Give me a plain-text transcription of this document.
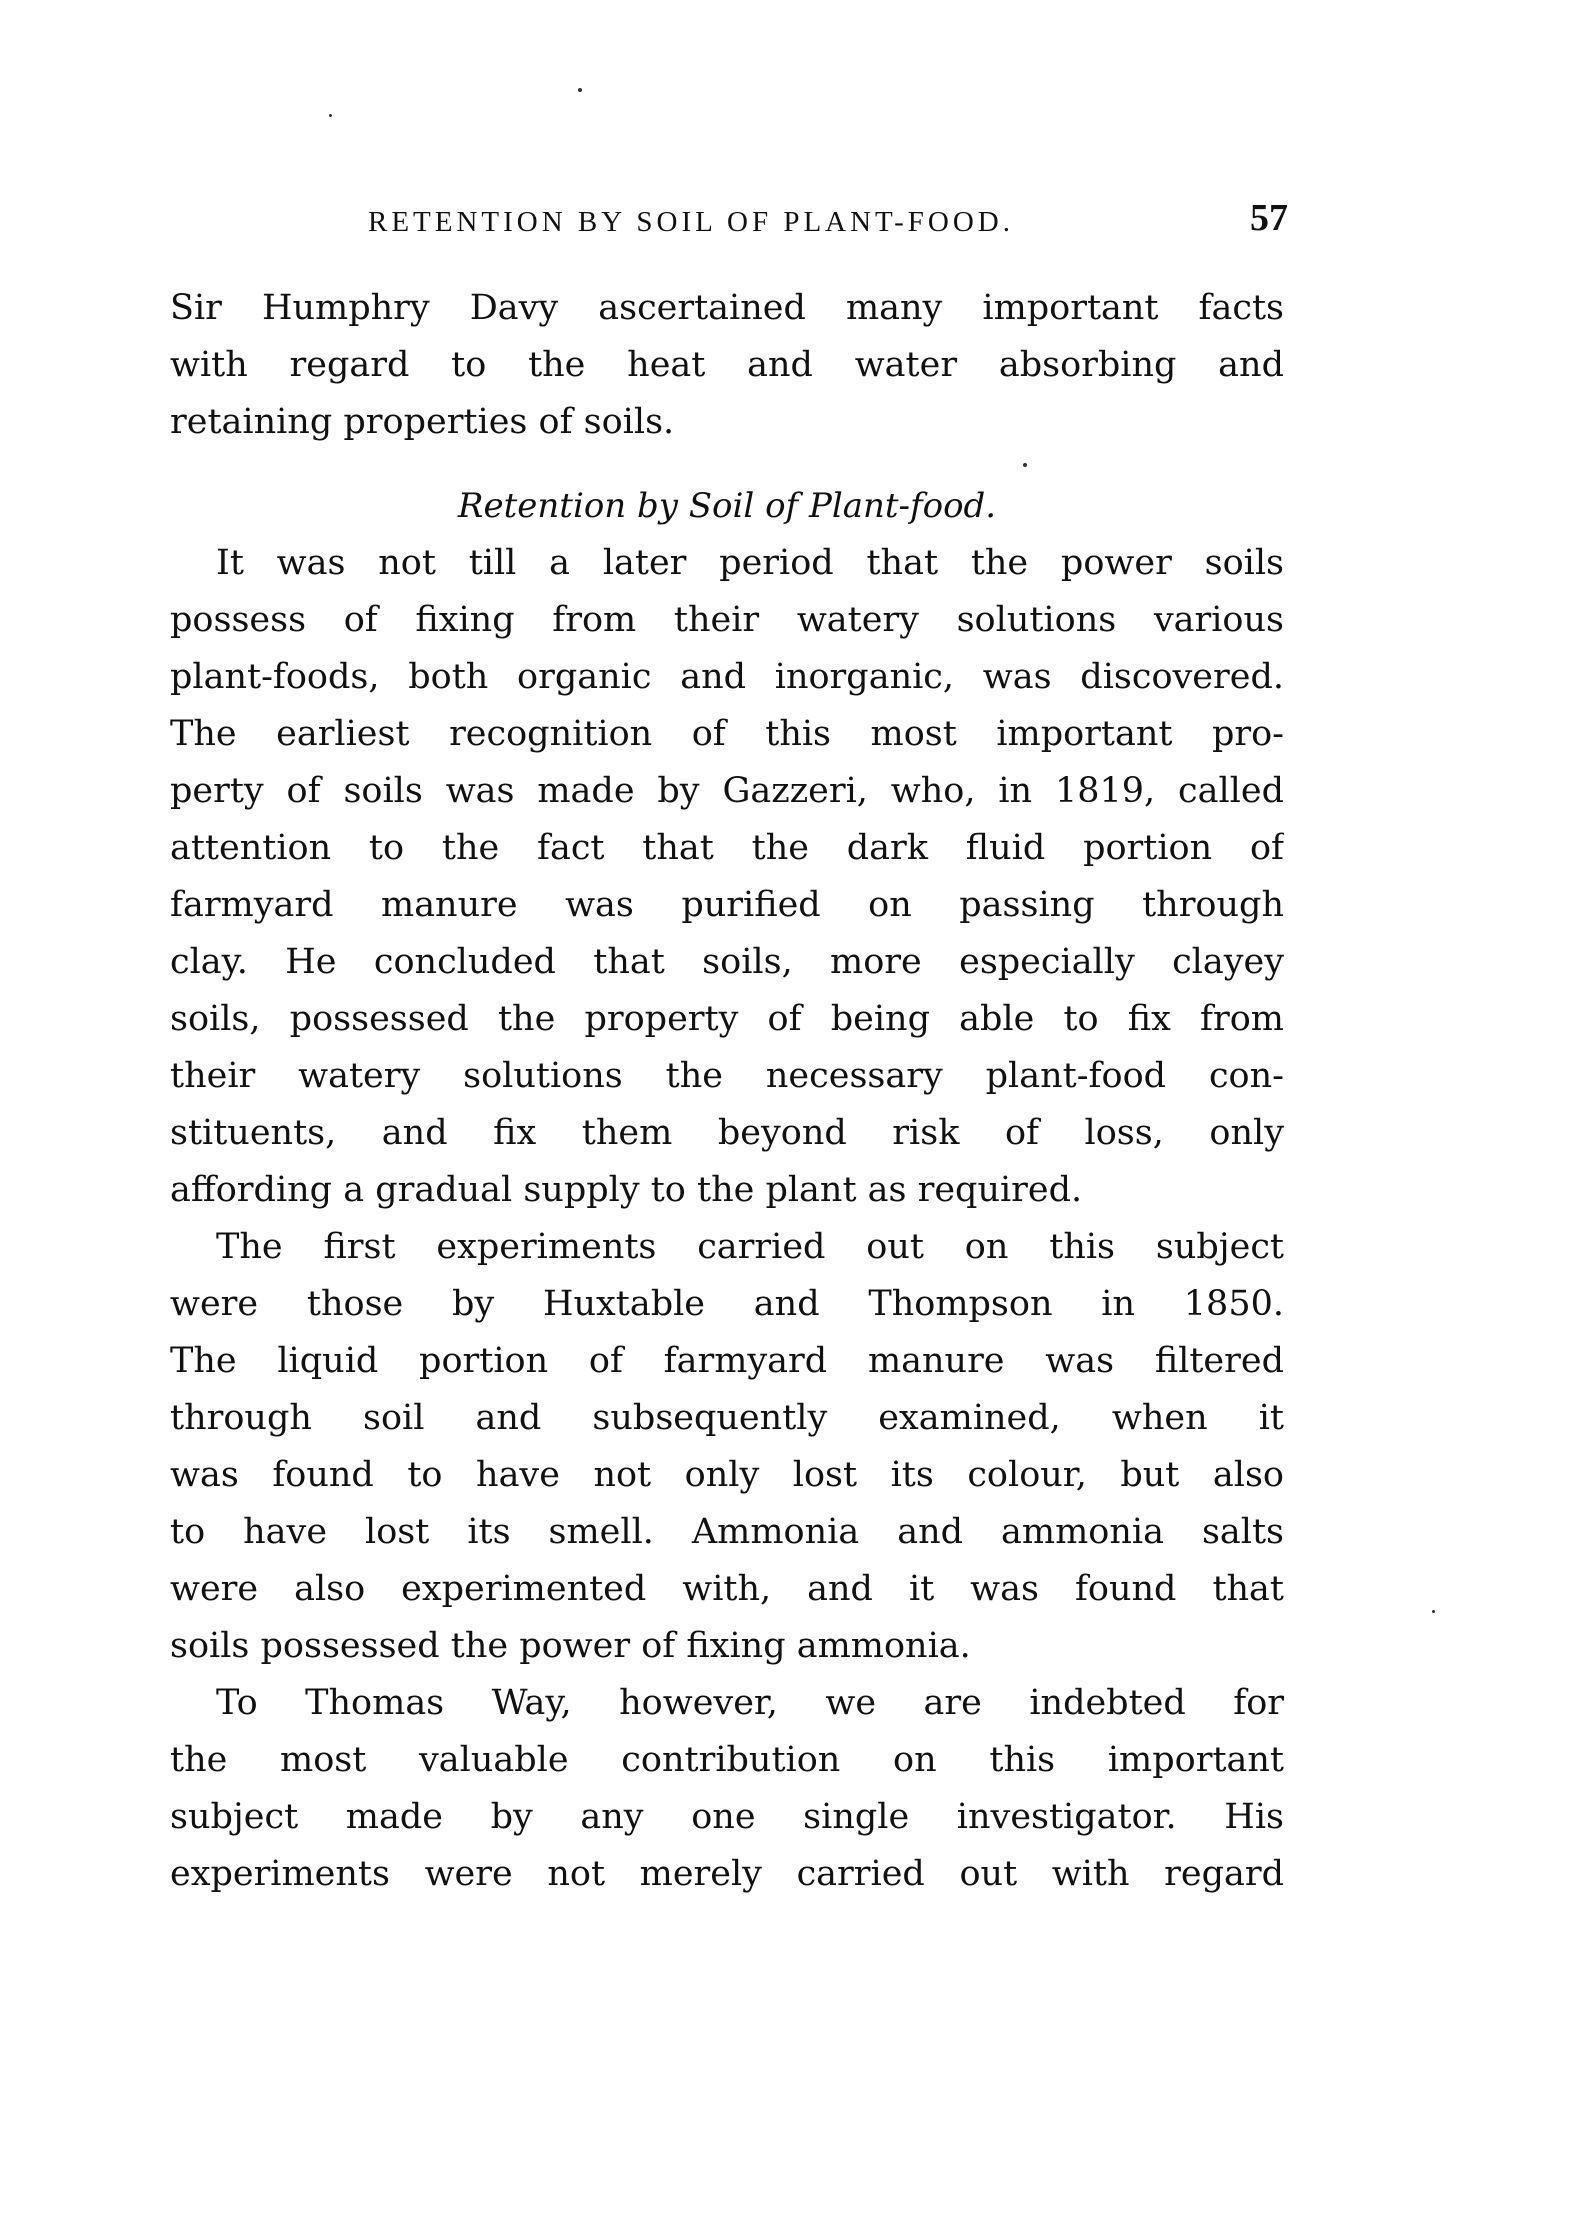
RETENTION BY SOIL OF PLANT-FOOD.	57
Sir Humphry Davy ascertained many important facts
with regard to the heat and water absorbing and
retaining properties of soils.
Retention by Soil of Plant-food.
It was not till a later period that the power soils
possess of fixing from their watery solutions various
plant-foods, both organic and inorganic, was discovered.
The earliest recognition of this most important pro-
perty of soils was made by Gazzeri, who, in 1819, called
attention to the fact that the dark fluid portion of
farmyard manure was purified on passing through
clay. He concluded that soils, more especially clayey
soils, possessed the property of being able to fix from
their watery solutions the necessary plant-food con-
stituents, and fix them beyond risk of loss, only
affording a gradual supply to the plant as required.
The first experiments carried out on this subject
were those by Huxtable and Thompson in 1850.
The liquid portion of farmyard manure was filtered
through soil and subsequently examined, when it
was found to have not only lost its colour, but also
to have lost its smell. Ammonia and ammonia salts
were also experimented with, and it was found that
soils possessed the power of fixing ammonia.
To Thomas Way, however, we are indebted for
the most valuable contribution on this important
subject made by any one single investigator. His
experiments were not merely carried out with regard
